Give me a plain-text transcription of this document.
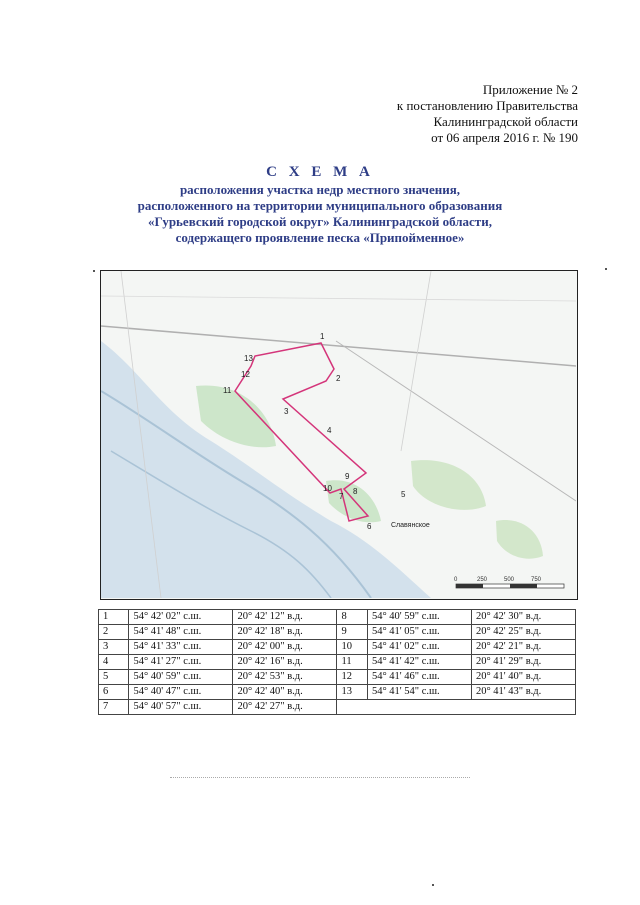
Приложение № 2
к постановлению Правительства
Калининградской области
от 06 апреля 2016 г. № 190
С Х Е М А
расположения участка недр местного значения,
расположенного на территории муниципального образования
«Гурьевский городской округ» Калининградской области,
содержащего проявление песка «Припойменное»
1
2
3
4
5
6
7
8
9
10
11
12
13
Славянское
0	250	500	750
1	54° 42' 02" с.ш.	20° 42' 12" в.д.	8	54° 40' 59" с.ш.	20° 42' 30" в.д.
2	54° 41' 48" с.ш.	20° 42' 18" в.д.	9	54° 41' 05" с.ш.	20° 42' 25" в.д.
3	54° 41' 33" с.ш.	20° 42' 00" в.д.	10	54° 41' 02" с.ш.	20° 42' 21" в.д.
4	54° 41' 27" с.ш.	20° 42' 16" в.д.	11	54° 41' 42" с.ш.	20° 41' 29" в.д.
5	54° 40' 59" с.ш.	20° 42' 53" в.д.	12	54° 41' 46" с.ш.	20° 41' 40" в.д.
6	54° 40' 47" с.ш.	20° 42' 40" в.д.	13	54° 41' 54" с.ш.	20° 41' 43" в.д.
7	54° 40' 57" с.ш.	20° 42' 27" в.д.			
